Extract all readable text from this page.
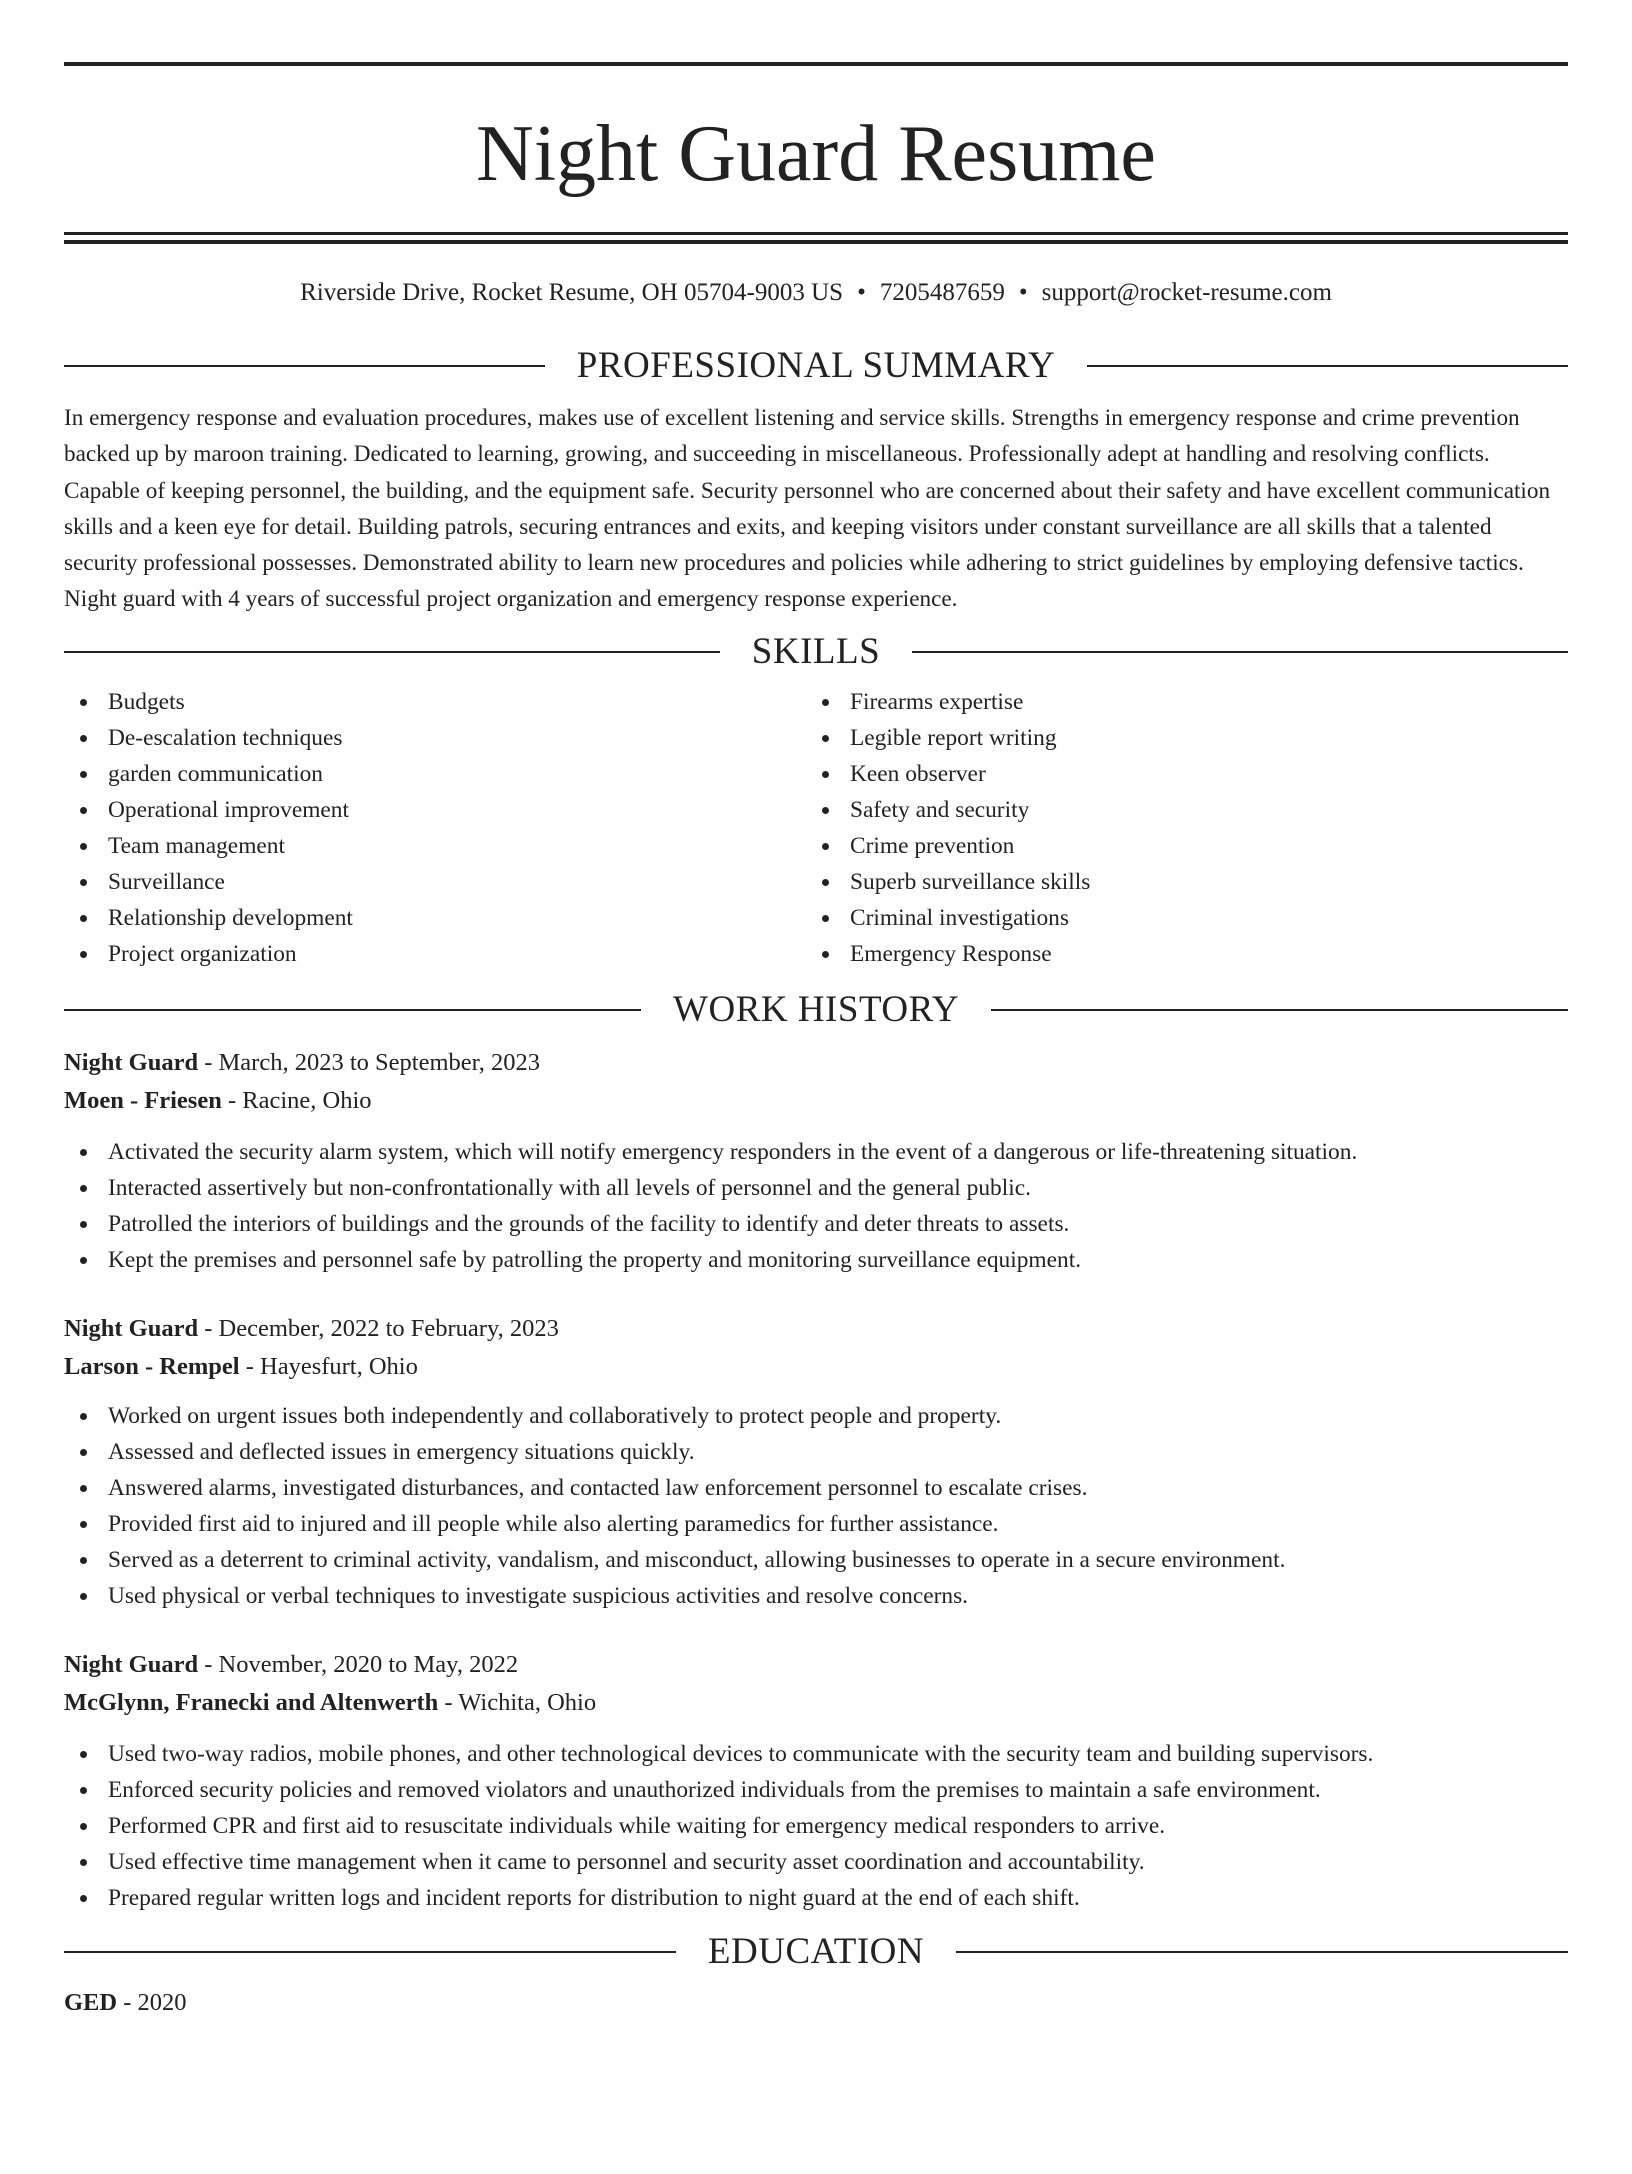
Night Guard Resume
Riverside Drive, Rocket Resume, OH 05704-9003 US • 7205487659 • support@rocket-resume.com
PROFESSIONAL SUMMARY

In emergency response and evaluation procedures, makes use of excellent listening and service skills. Strengths in emergency response and crime prevention backed up by maroon training. Dedicated to learning, growing, and succeeding in miscellaneous. Professionally adept at handling and resolving conflicts. Capable of keeping personnel, the building, and the equipment safe. Security personnel who are concerned about their safety and have excellent communication skills and a keen eye for detail. Building patrols, securing entrances and exits, and keeping visitors under constant surveillance are all skills that a talented security professional possesses. Demonstrated ability to learn new procedures and policies while adhering to strict guidelines by employing defensive tactics. Night guard with 4 years of successful project organization and emergency response experience.

SKILLS
Budgets
De-escalation techniques
garden communication
Operational improvement
Team management
Surveillance
Relationship development
Project organization
Firearms expertise
Legible report writing
Keen observer
Safety and security
Crime prevention
Superb surveillance skills
Criminal investigations
Emergency Response
WORK HISTORY
Night Guard - March, 2023 to September, 2023
Moen - Friesen - Racine, Ohio
Activated the security alarm system, which will notify emergency responders in the event of a dangerous or life-threatening situation.
Interacted assertively but non-confrontationally with all levels of personnel and the general public.
Patrolled the interiors of buildings and the grounds of the facility to identify and deter threats to assets.
Kept the premises and personnel safe by patrolling the property and monitoring surveillance equipment.
Night Guard - December, 2022 to February, 2023
Larson - Rempel - Hayesfurt, Ohio
Worked on urgent issues both independently and collaboratively to protect people and property.
Assessed and deflected issues in emergency situations quickly.
Answered alarms, investigated disturbances, and contacted law enforcement personnel to escalate crises.
Provided first aid to injured and ill people while also alerting paramedics for further assistance.
Served as a deterrent to criminal activity, vandalism, and misconduct, allowing businesses to operate in a secure environment.
Used physical or verbal techniques to investigate suspicious activities and resolve concerns.
Night Guard - November, 2020 to May, 2022
McGlynn, Franecki and Altenwerth - Wichita, Ohio
Used two-way radios, mobile phones, and other technological devices to communicate with the security team and building supervisors.
Enforced security policies and removed violators and unauthorized individuals from the premises to maintain a safe environment.
Performed CPR and first aid to resuscitate individuals while waiting for emergency medical responders to arrive.
Used effective time management when it came to personnel and security asset coordination and accountability.
Prepared regular written logs and incident reports for distribution to night guard at the end of each shift.
EDUCATION
GED - 2020
